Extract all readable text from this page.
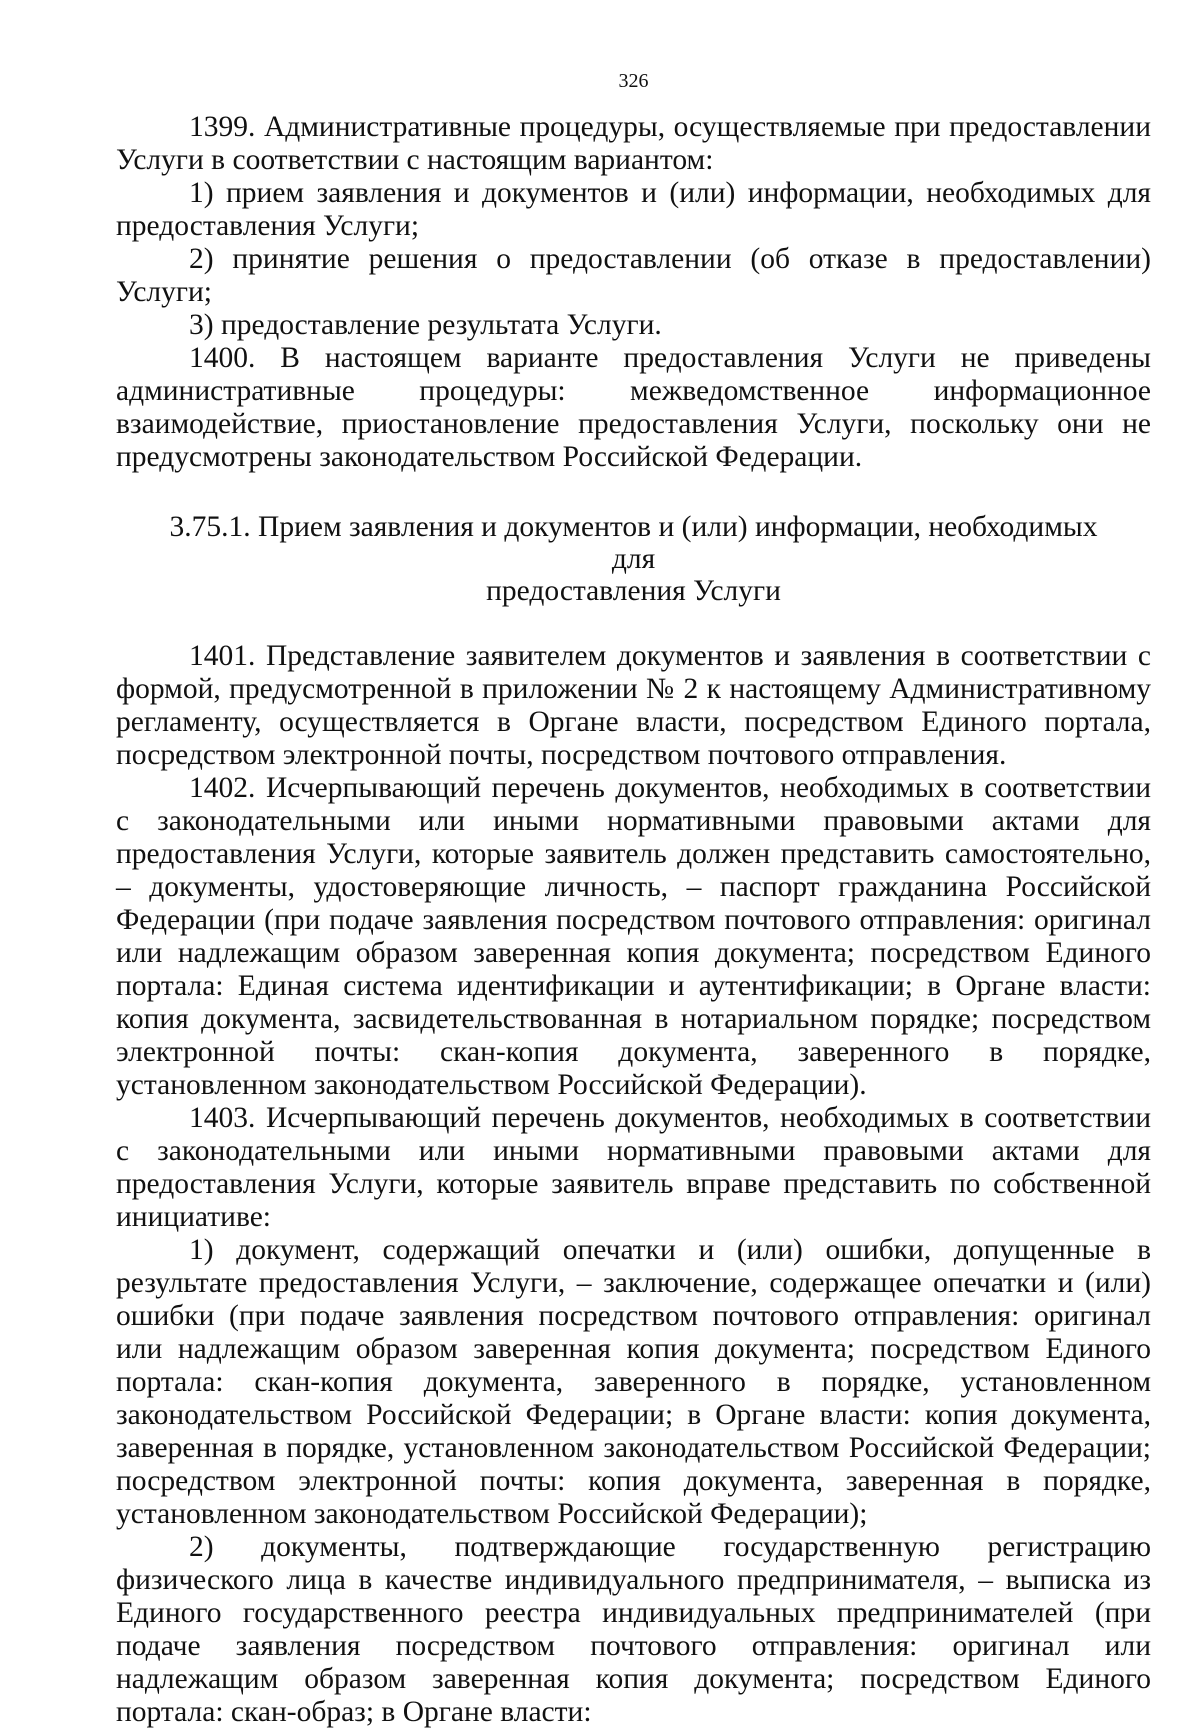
326

1399. Административные процедуры, осуществляемые при предоставлении Услуги в соответствии с настоящим вариантом:

1) прием заявления и документов и (или) информации, необходимых для предоставления Услуги;

2) принятие решения о предоставлении (об отказе в предоставлении) Услуги;

3) предоставление результата Услуги.

1400. В настоящем варианте предоставления Услуги не приведены административные процедуры: межведомственное информационное взаимодействие, приостановление предоставления Услуги, поскольку они не предусмотрены законодательством Российской Федерации.

3.75.1. Прием заявления и документов и (или) информации, необходимых для
предоставления Услуги

1401. Представление заявителем документов и заявления в соответствии с формой, предусмотренной в приложении № 2 к настоящему Административному регламенту, осуществляется в Органе власти, посредством Единого портала, посредством электронной почты, посредством почтового отправления.

1402. Исчерпывающий перечень документов, необходимых в соответствии с законодательными или иными нормативными правовыми актами для предоставления Услуги, которые заявитель должен представить самостоятельно, – документы, удостоверяющие личность, – паспорт гражданина Российской Федерации (при подаче заявления посредством почтового отправления: оригинал или надлежащим образом заверенная копия документа; посредством Единого портала: Единая система идентификации и аутентификации; в Органе власти: копия документа, засвидетельствованная в нотариальном порядке; посредством электронной почты: скан-копия документа, заверенного в порядке, установленном законодательством Российской Федерации).

1403. Исчерпывающий перечень документов, необходимых в соответствии с законодательными или иными нормативными правовыми актами для предоставления Услуги, которые заявитель вправе представить по собственной инициативе:

1) документ, содержащий опечатки и (или) ошибки, допущенные в результате предоставления Услуги, – заключение, содержащее опечатки и (или) ошибки (при подаче заявления посредством почтового отправления: оригинал или надлежащим образом заверенная копия документа; посредством Единого портала: скан-копия документа, заверенного в порядке, установленном законодательством Российской Федерации; в Органе власти: копия документа, заверенная в порядке, установленном законодательством Российской Федерации; посредством электронной почты: копия документа, заверенная в порядке, установленном законодательством Российской Федерации);

2) документы, подтверждающие государственную регистрацию физического лица в качестве индивидуального предпринимателя, – выписка из Единого государственного реестра индивидуальных предпринимателей (при подаче заявления посредством почтового отправления: оригинал или надлежащим образом заверенная копия документа; посредством Единого портала: скан-образ; в Органе власти:
